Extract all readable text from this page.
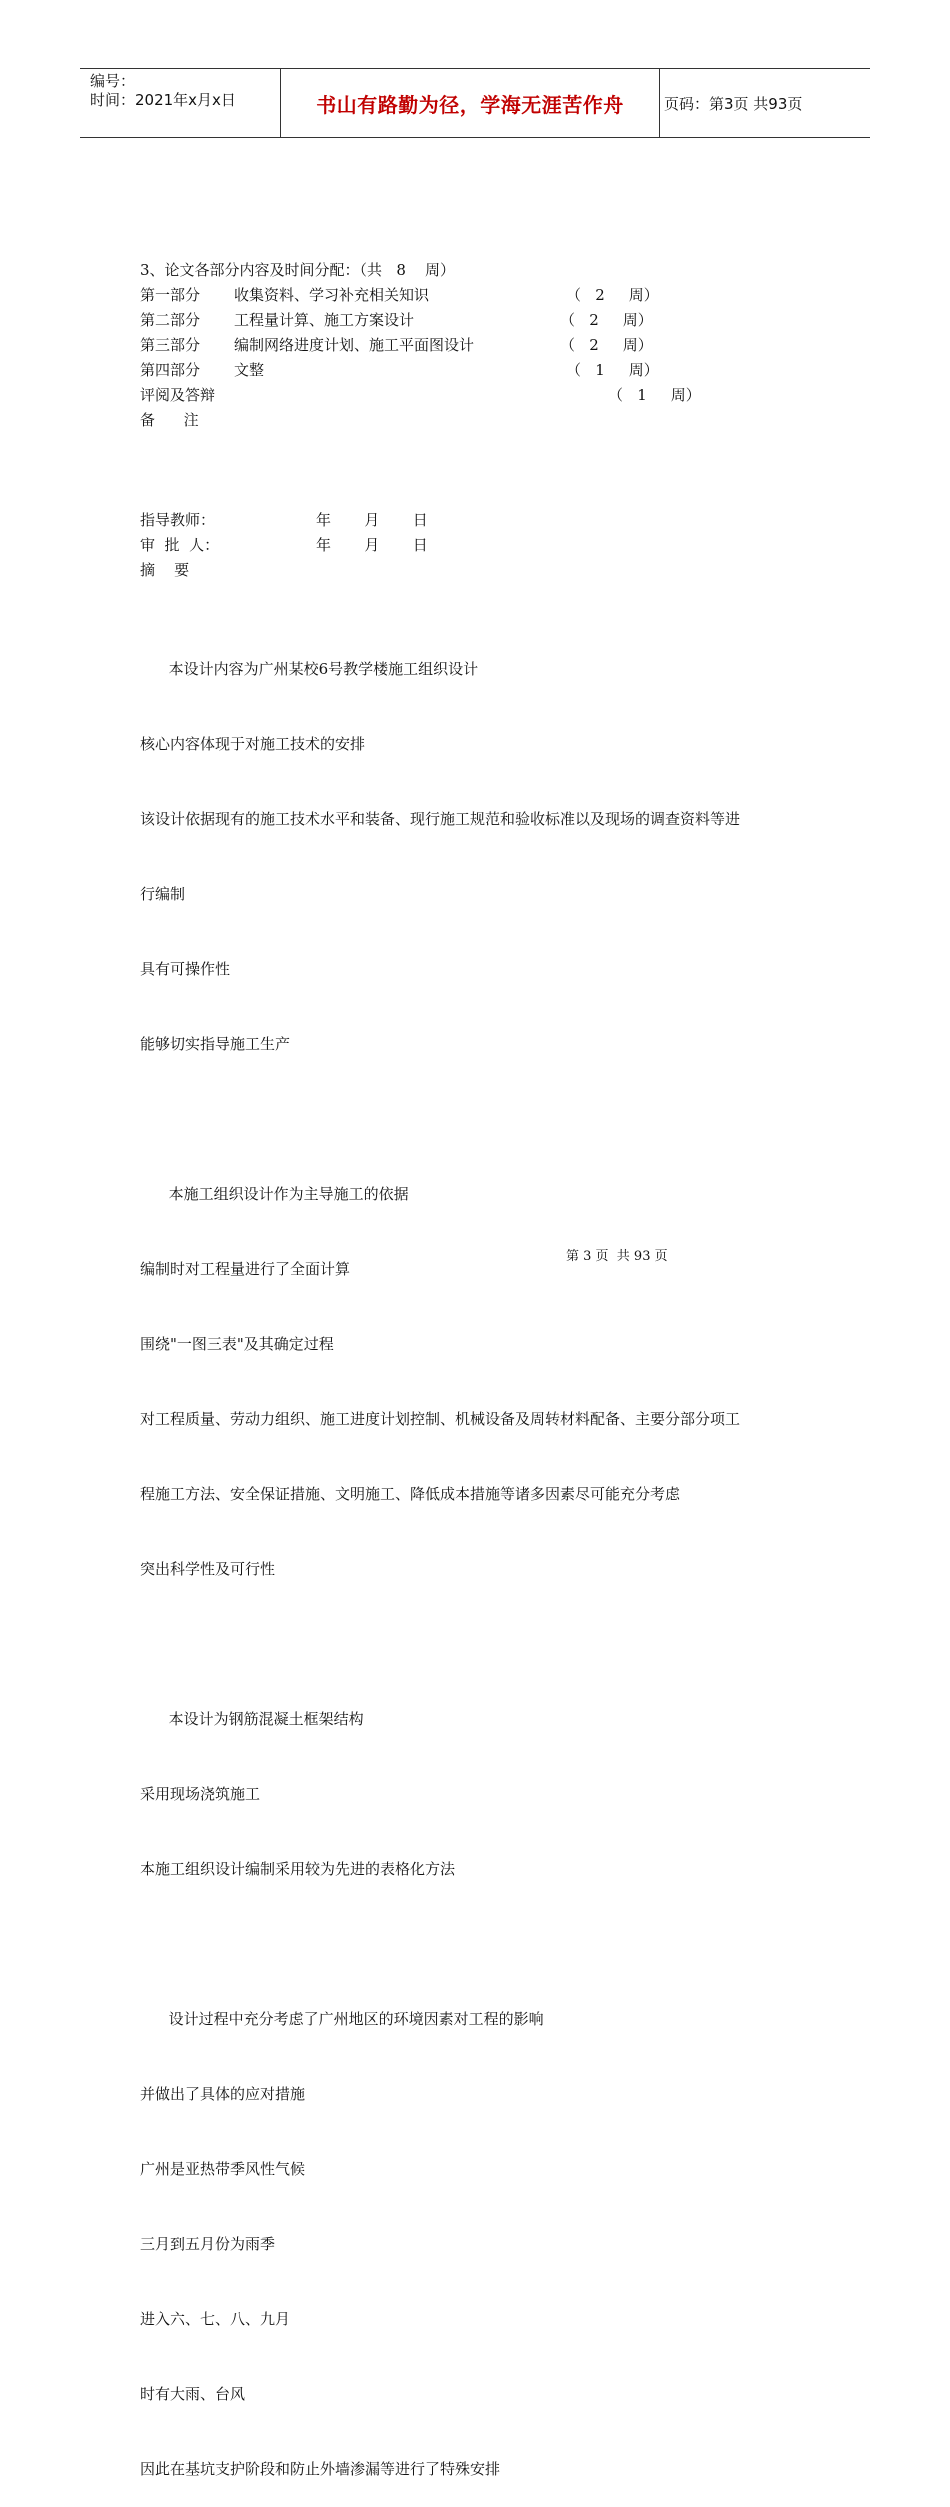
编号：
时间：2021年x月x日	书山有路勤为径，学海无涯苦作舟	页码：第3页 共93页
3、论文各部分内容及时间分配：（共   8    周）
第一部分 收集资料、学习补充相关知识	（   2     周）
第二部分 工程量计算、施工方案设计	（   2     周）
第三部分 编制网络进度计划、施工平面图设计	（   2     周）
第四部分 文整	（   1     周）
评阅及答辩	（   1     周）
备      注
指导教师：	年       月       日
审  批  人：	年       月       日
摘    要

本设计内容为广州某校6号教学楼施工组织设计

核心内容体现于对施工技术的安排

该设计依据现有的施工技术水平和装备、现行施工规范和验收标准以及现场的调查资料等进

行编制

具有可操作性

能够切实指导施工生产

本施工组织设计作为主导施工的依据

编制时对工程量进行了全面计算

围绕"一图三表"及其确定过程

对工程质量、劳动力组织、施工进度计划控制、机械设备及周转材料配备、主要分部分项工

程施工方法、安全保证措施、文明施工、降低成本措施等诸多因素尽可能充分考虑

突出科学性及可行性

本设计为钢筋混凝土框架结构

采用现场浇筑施工

本施工组织设计编制采用较为先进的表格化方法

设计过程中充分考虑了广州地区的环境因素对工程的影响

并做出了具体的应对措施

广州是亚热带季风性气候

三月到五月份为雨季

进入六、七、八、九月

时有大雨、台风

因此在基坑支护阶段和防止外墙渗漏等进行了特殊安排

第 3 页  共 93 页
